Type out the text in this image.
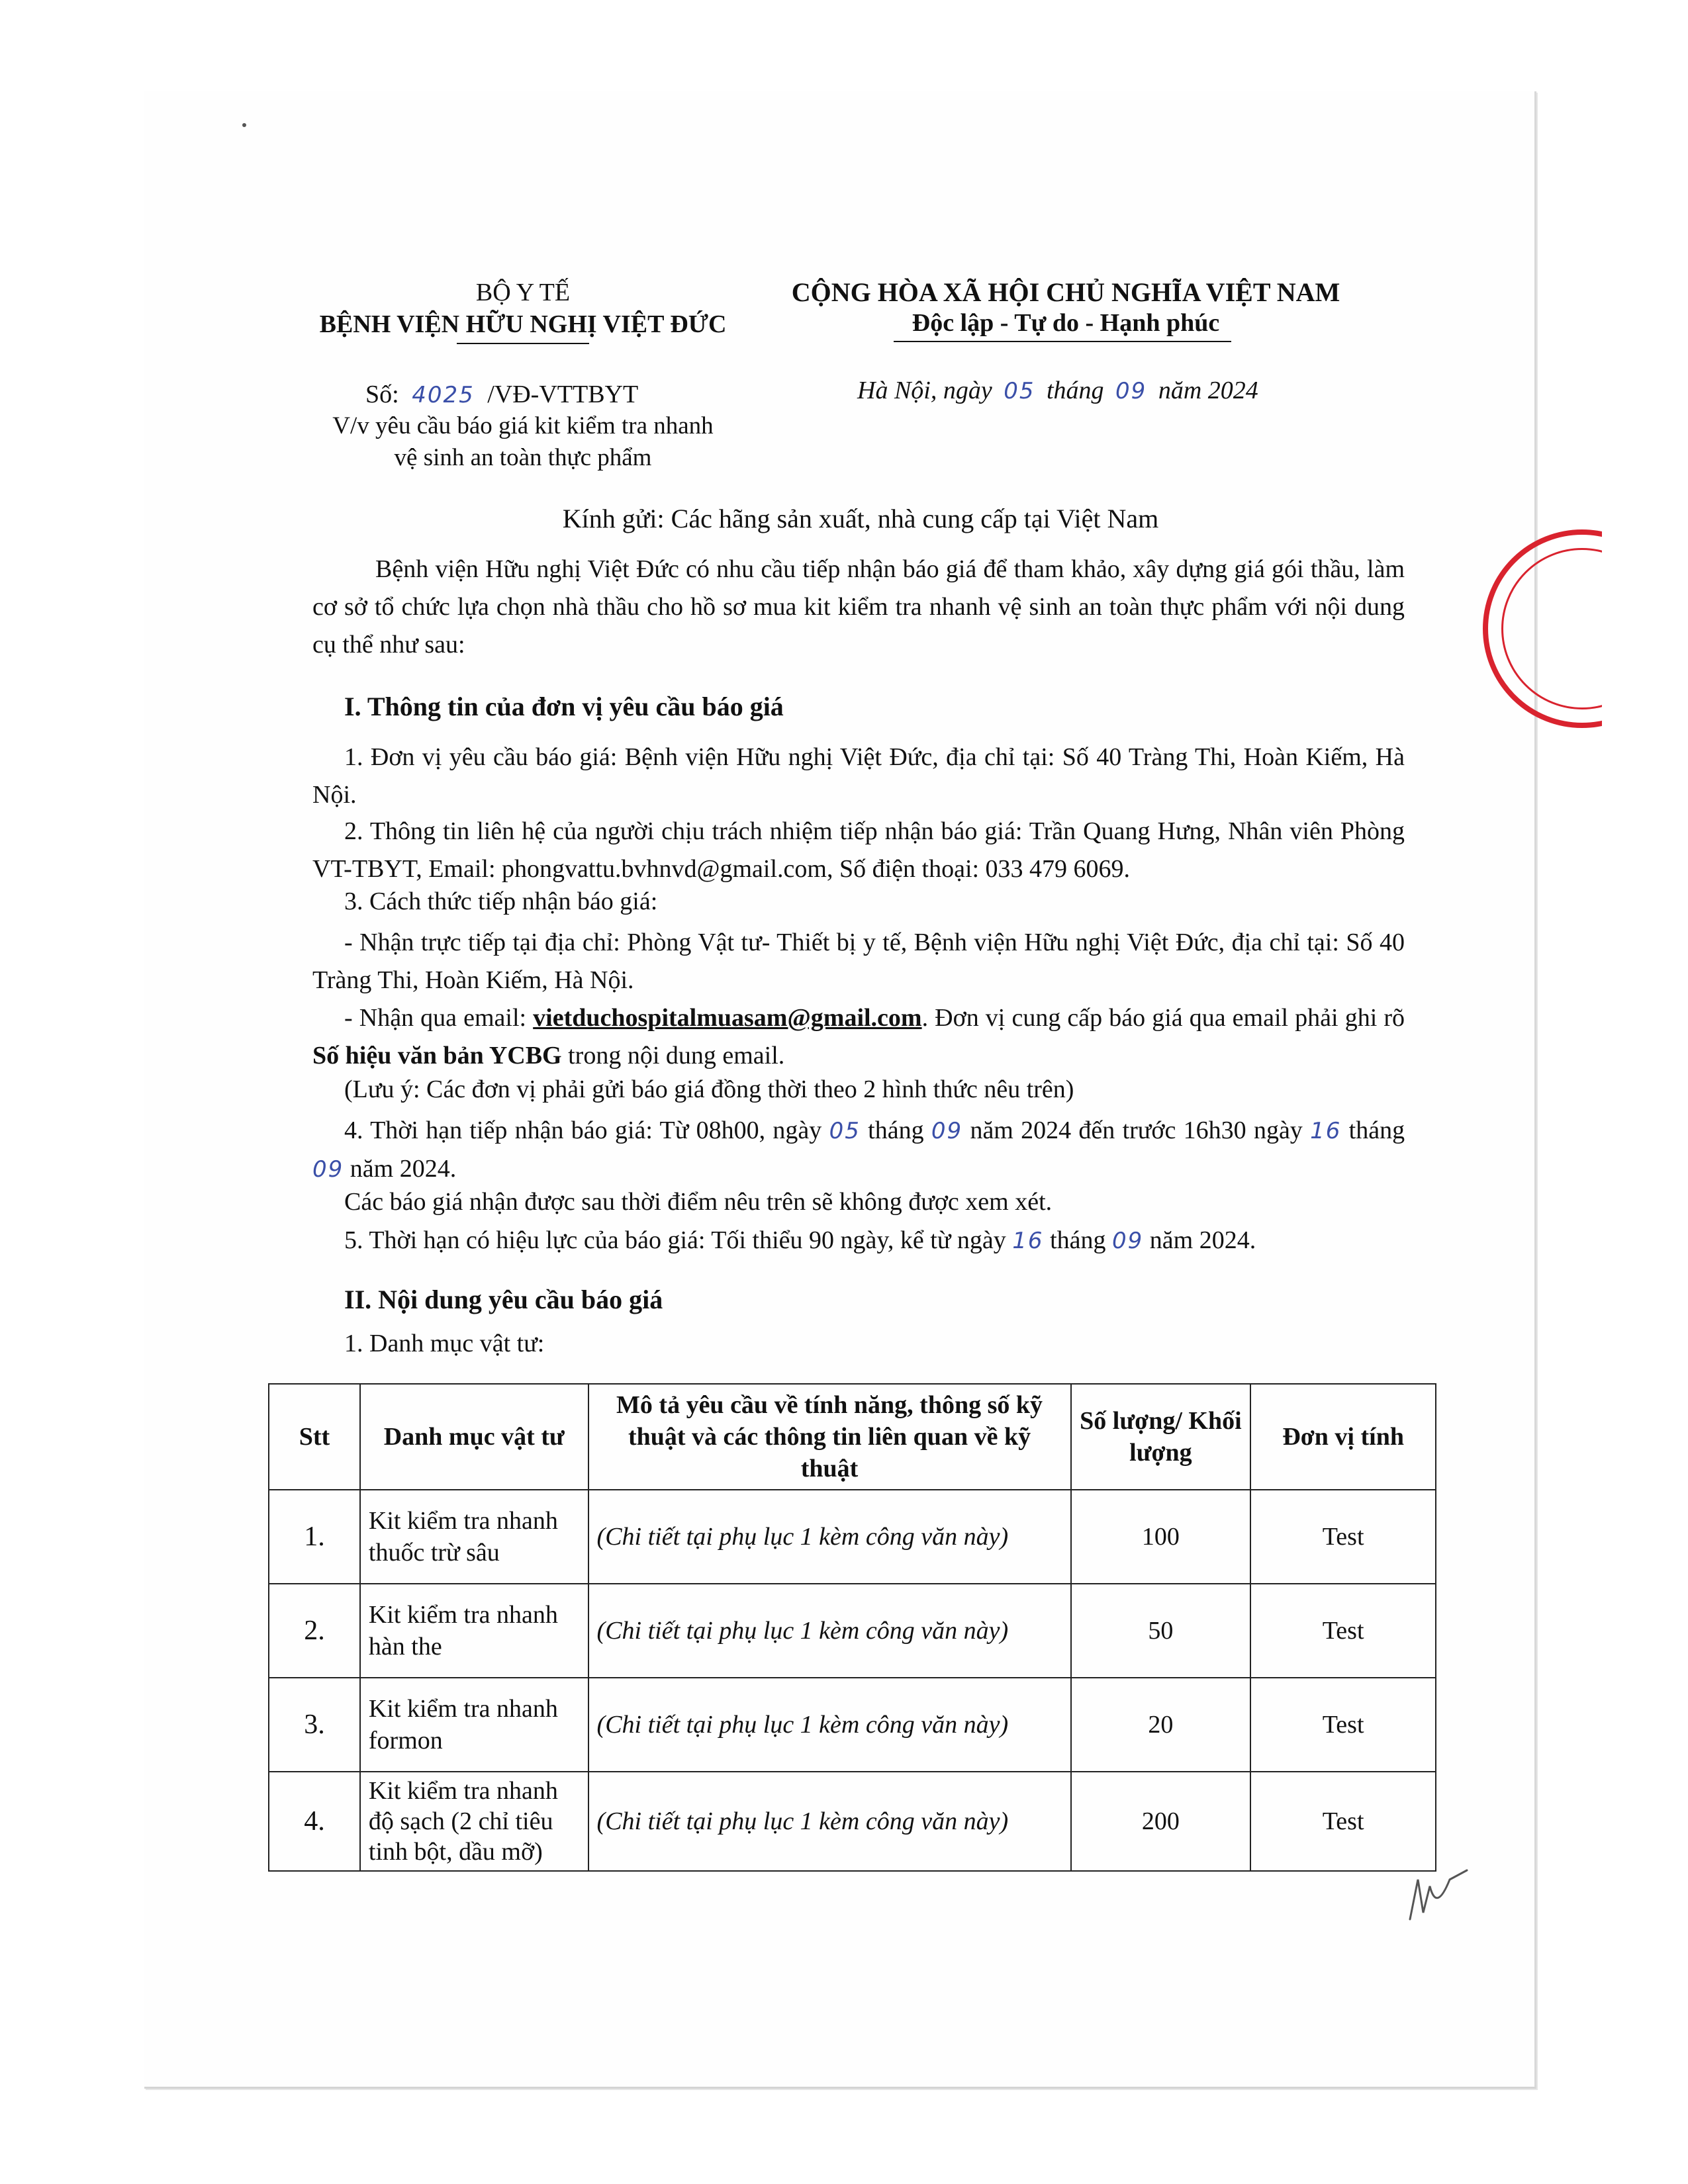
BỘ Y TẾ
BỆNH VIỆN HỮU NGHỊ VIỆT ĐỨC
CỘNG HÒA XÃ HỘI CHỦ NGHĨA VIỆT NAM
Độc lập - Tự do - Hạnh phúc
Số: 4025 /VĐ-VTTBYT
V/v yêu cầu báo giá kit kiểm tra nhanh
vệ sinh an toàn thực phẩm
Hà Nội, ngày 05 tháng 09 năm 2024
Kính gửi: Các hãng sản xuất, nhà cung cấp tại Việt Nam
Bệnh viện Hữu nghị Việt Đức có nhu cầu tiếp nhận báo giá để tham khảo, xây dựng giá gói thầu, làm cơ sở tổ chức lựa chọn nhà thầu cho hồ sơ mua kit kiểm tra nhanh vệ sinh an toàn thực phẩm với nội dung cụ thể như sau:
I. Thông tin của đơn vị yêu cầu báo giá
1. Đơn vị yêu cầu báo giá: Bệnh viện Hữu nghị Việt Đức, địa chỉ tại: Số 40 Tràng Thi, Hoàn Kiếm, Hà Nội.
2. Thông tin liên hệ của người chịu trách nhiệm tiếp nhận báo giá: Trần Quang Hưng, Nhân viên Phòng VT-TBYT, Email: phongvattu.bvhnvd@gmail.com, Số điện thoại: 033 479 6069.
3. Cách thức tiếp nhận báo giá:
- Nhận trực tiếp tại địa chỉ: Phòng Vật tư- Thiết bị y tế, Bệnh viện Hữu nghị Việt Đức, địa chỉ tại: Số 40 Tràng Thi, Hoàn Kiếm, Hà Nội.
- Nhận qua email: vietduchospitalmuasam@gmail.com. Đơn vị cung cấp báo giá qua email phải ghi rõ Số hiệu văn bản YCBG trong nội dung email.
(Lưu ý: Các đơn vị phải gửi báo giá đồng thời theo 2 hình thức nêu trên)
4. Thời hạn tiếp nhận báo giá: Từ 08h00, ngày 05 tháng 09 năm 2024 đến trước 16h30 ngày 16 tháng 09 năm 2024.
Các báo giá nhận được sau thời điểm nêu trên sẽ không được xem xét.
5. Thời hạn có hiệu lực của báo giá: Tối thiểu 90 ngày, kể từ ngày 16 tháng 09 năm 2024.
II. Nội dung yêu cầu báo giá
1. Danh mục vật tư:
Stt	Danh mục vật tư	Mô tả yêu cầu về tính năng, thông số kỹ thuật và các thông tin liên quan về kỹ thuật	Số lượng/ Khối lượng	Đơn vị tính
1.	Kit kiểm tra nhanh thuốc trừ sâu	(Chi tiết tại phụ lục 1 kèm công văn này)	100	Test
2.	Kit kiểm tra nhanh hàn the	(Chi tiết tại phụ lục 1 kèm công văn này)	50	Test
3.	Kit kiểm tra nhanh formon	(Chi tiết tại phụ lục 1 kèm công văn này)	20	Test
4.	Kit kiểm tra nhanh độ sạch (2 chỉ tiêu tinh bột, dầu mỡ)	(Chi tiết tại phụ lục 1 kèm công văn này)	200	Test
